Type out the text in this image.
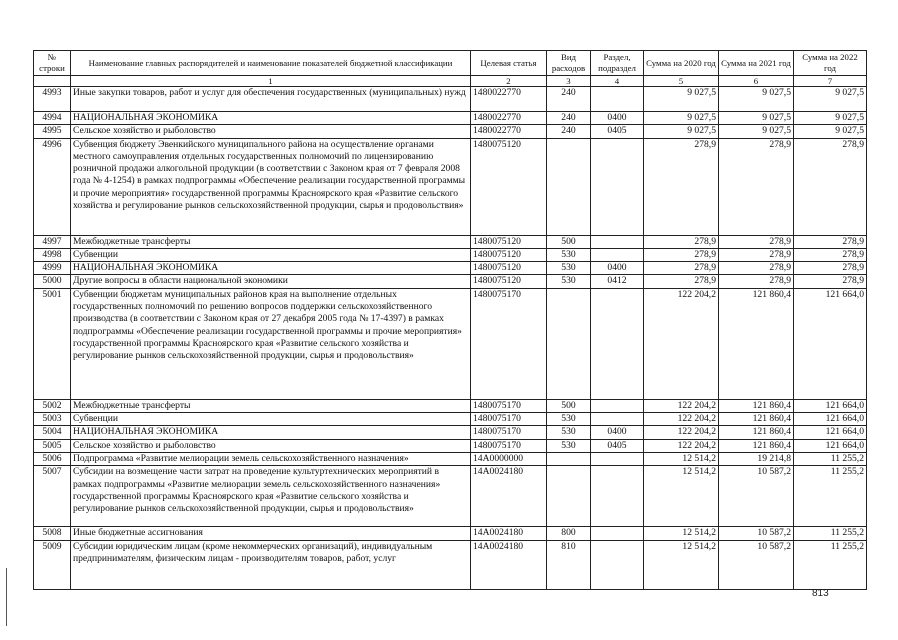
№ строки	Наименование главных распорядителей и наименование показателей бюджетной классификации	Целевая статья	Вид расходов	Раздел, подраздел	Сумма на 2020 год	Сумма на 2021 год	Сумма на 2022 год
	1	2	3	4	5	6	7
4993	Иные закупки товаров, работ и услуг для обеспечения государственных (муниципальных) нужд	1480022770	240		9 027,5	9 027,5	9 027,5
4994	НАЦИОНАЛЬНАЯ ЭКОНОМИКА	1480022770	240	0400	9 027,5	9 027,5	9 027,5
4995	Сельское хозяйство и рыболовство	1480022770	240	0405	9 027,5	9 027,5	9 027,5
4996	Субвенция бюджету Эвенкийского муниципального района на осуществление органами местного самоуправления отдельных государственных полномочий по лицензированию розничной продажи алкогольной продукции (в соответствии с Законом края от 7 февраля 2008 года № 4-1254) в рамках подпрограммы «Обеспечение реализации государственной программы и прочие мероприятия» государственной программы Красноярского края «Развитие сельского хозяйства и регулирование рынков сельскохозяйственной продукции, сырья и продовольствия»	1480075120			278,9	278,9	278,9
4997	Межбюджетные трансферты	1480075120	500		278,9	278,9	278,9
4998	Субвенции	1480075120	530		278,9	278,9	278,9
4999	НАЦИОНАЛЬНАЯ ЭКОНОМИКА	1480075120	530	0400	278,9	278,9	278,9
5000	Другие вопросы в области национальной экономики	1480075120	530	0412	278,9	278,9	278,9
5001	Субвенции бюджетам муниципальных районов края на выполнение отдельных государственных полномочий по решению вопросов поддержки сельскохозяйственного производства (в соответствии с Законом края от 27 декабря 2005 года № 17-4397) в рамках подпрограммы «Обеспечение реализации государственной программы и прочие мероприятия» государственной программы Красноярского края «Развитие сельского хозяйства и регулирование рынков сельскохозяйственной продукции, сырья и продовольствия»	1480075170			122 204,2	121 860,4	121 664,0
5002	Межбюджетные трансферты	1480075170	500		122 204,2	121 860,4	121 664,0
5003	Субвенции	1480075170	530		122 204,2	121 860,4	121 664,0
5004	НАЦИОНАЛЬНАЯ ЭКОНОМИКА	1480075170	530	0400	122 204,2	121 860,4	121 664,0
5005	Сельское хозяйство и рыболовство	1480075170	530	0405	122 204,2	121 860,4	121 664,0
5006	Подпрограмма «Развитие мелиорации земель сельскохозяйственного назначения»	14А0000000			12 514,2	19 214,8	11 255,2
5007	Субсидии на возмещение части затрат на проведение культуртехнических мероприятий в рамках подпрограммы «Развитие мелиорации земель сельскохозяйственного назначения» государственной программы Красноярского края «Развитие сельского хозяйства и регулирование рынков сельскохозяйственной продукции, сырья и продовольствия»	14А0024180			12 514,2	10 587,2	11 255,2
5008	Иные бюджетные ассигнования	14А0024180	800		12 514,2	10 587,2	11 255,2
5009	Субсидии юридическим лицам (кроме некоммерческих организаций), индивидуальным предпринимателям, физическим лицам - производителям товаров, работ, услуг	14А0024180	810		12 514,2	10 587,2	11 255,2
813
